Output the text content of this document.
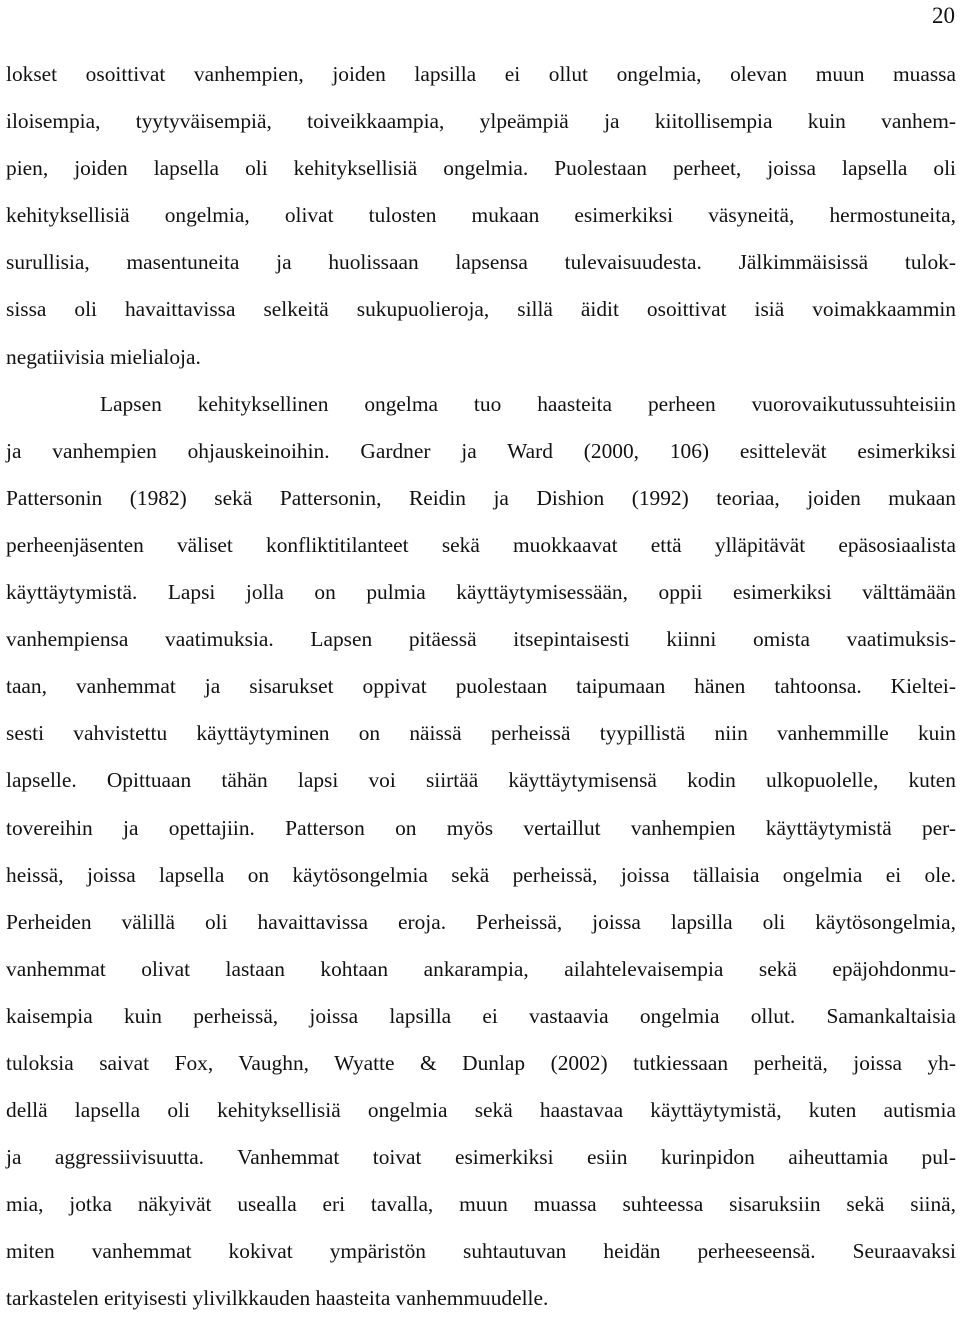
20
lokset osoittivat vanhempien, joiden lapsilla ei ollut ongelmia, olevan muun muassa
iloisempia, tyytyväisempiä, toiveikkaampia, ylpeämpiä ja kiitollisempia kuin vanhem-
pien, joiden lapsella oli kehityksellisiä ongelmia. Puolestaan perheet, joissa lapsella oli
kehityksellisiä ongelmia, olivat tulosten mukaan esimerkiksi väsyneitä, hermostuneita,
surullisia, masentuneita ja huolissaan lapsensa tulevaisuudesta. Jälkimmäisissä tulok-
sissa oli havaittavissa selkeitä sukupuolieroja, sillä äidit osoittivat isiä voimakkaammin
negatiivisia mielialoja.
Lapsen kehityksellinen ongelma tuo haasteita perheen vuorovaikutussuhteisiin
ja vanhempien ohjauskeinoihin. Gardner ja Ward (2000, 106) esittelevät esimerkiksi
Pattersonin (1982) sekä Pattersonin, Reidin ja Dishion (1992) teoriaa, joiden mukaan
perheenjäsenten väliset konfliktitilanteet sekä muokkaavat että ylläpitävät epäsosiaalista
käyttäytymistä. Lapsi jolla on pulmia käyttäytymisessään, oppii esimerkiksi välttämään
vanhempiensa vaatimuksia. Lapsen pitäessä itsepintaisesti kiinni omista vaatimuksis-
taan, vanhemmat ja sisarukset oppivat puolestaan taipumaan hänen tahtoonsa. Kieltei-
sesti vahvistettu käyttäytyminen on näissä perheissä tyypillistä niin vanhemmille kuin
lapselle. Opittuaan tähän lapsi voi siirtää käyttäytymisensä kodin ulkopuolelle, kuten
tovereihin ja opettajiin. Patterson on myös vertaillut vanhempien käyttäytymistä per-
heissä, joissa lapsella on käytösongelmia sekä perheissä, joissa tällaisia ongelmia ei ole.
Perheiden välillä oli havaittavissa eroja. Perheissä, joissa lapsilla oli käytösongelmia,
vanhemmat olivat lastaan kohtaan ankarampia, ailahtelevaisempia sekä epäjohdonmu-
kaisempia kuin perheissä, joissa lapsilla ei vastaavia ongelmia ollut. Samankaltaisia
tuloksia saivat Fox, Vaughn, Wyatte & Dunlap (2002) tutkiessaan perheitä, joissa yh-
dellä lapsella oli kehityksellisiä ongelmia sekä haastavaa käyttäytymistä, kuten autismia
ja aggressiivisuutta. Vanhemmat toivat esimerkiksi esiin kurinpidon aiheuttamia pul-
mia, jotka näkyivät usealla eri tavalla, muun muassa suhteessa sisaruksiin sekä siinä,
miten vanhemmat kokivat ympäristön suhtautuvan heidän perheeseensä. Seuraavaksi
tarkastelen erityisesti ylivilkkauden haasteita vanhemmuudelle.
